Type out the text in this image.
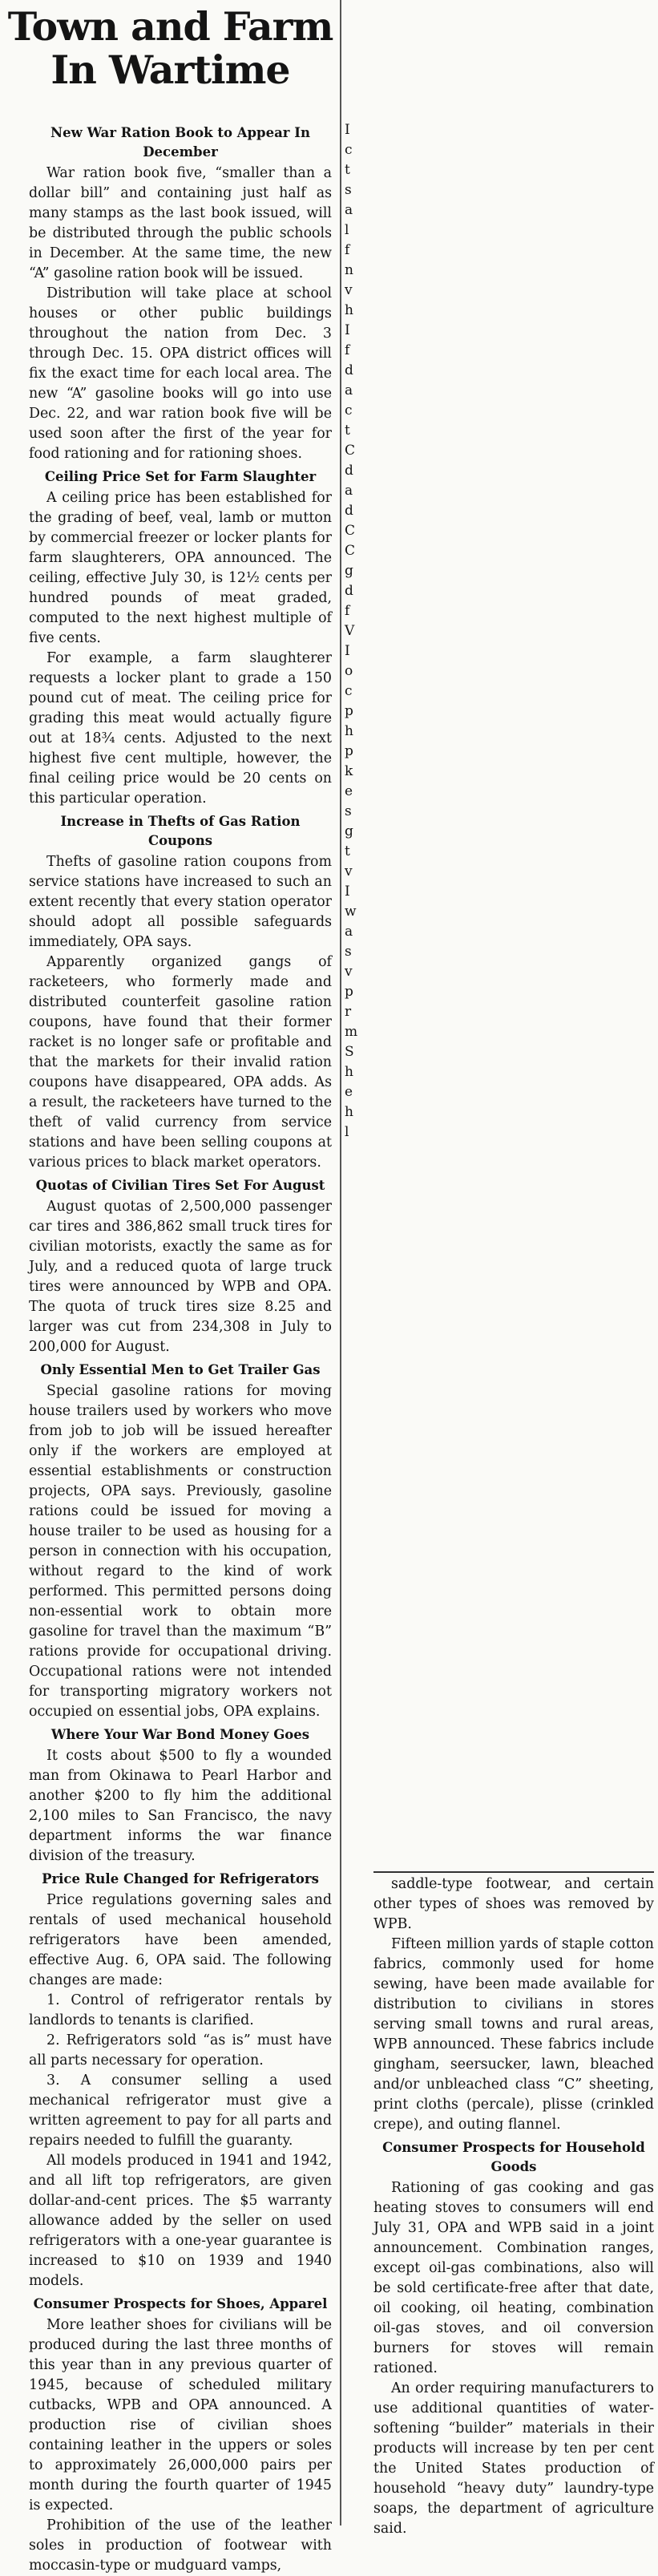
Town and Farm In Wartime
New War Ration Book to Appear In December

War ration book five, “smaller than a dollar bill” and containing just half as many stamps as the last book issued, will be distributed through the public schools in December. At the same time, the new “A” gasoline ration book will be issued.

Distribution will take place at school houses or other public buildings throughout the nation from Dec. 3 through Dec. 15. OPA district offices will fix the exact time for each local area. The new “A” gasoline books will go into use Dec. 22, and war ration book five will be used soon after the first of the year for food rationing and for rationing shoes.

Ceiling Price Set for Farm Slaughter

A ceiling price has been established for the grading of beef, veal, lamb or mutton by commercial freezer or locker plants for farm slaughterers, OPA announced. The ceiling, effective July 30, is 12½ cents per hundred pounds of meat graded, computed to the next highest multiple of five cents.

For example, a farm slaughterer requests a locker plant to grade a 150 pound cut of meat. The ceiling price for grading this meat would actually figure out at 18¾ cents. Adjusted to the next highest five cent multiple, however, the final ceiling price would be 20 cents on this particular operation.

Increase in Thefts of Gas Ration Coupons

Thefts of gasoline ration coupons from service stations have increased to such an extent recently that every station operator should adopt all possible safeguards immediately, OPA says.

Apparently organized gangs of racketeers, who formerly made and distributed counterfeit gasoline ration coupons, have found that their former racket is no longer safe or profitable and that the markets for their invalid ration coupons have disappeared, OPA adds. As a result, the racketeers have turned to the theft of valid currency from service stations and have been selling coupons at various prices to black market operators.

Quotas of Civilian Tires Set For August

August quotas of 2,500,000 passenger car tires and 386,862 small truck tires for civilian motorists, exactly the same as for July, and a reduced quota of large truck tires were announced by WPB and OPA. The quota of truck tires size 8.25 and larger was cut from 234,308 in July to 200,000 for August.

Only Essential Men to Get Trailer Gas

Special gasoline rations for moving house trailers used by workers who move from job to job will be issued hereafter only if the workers are employed at essential establishments or construction projects, OPA says. Previously, gasoline rations could be issued for moving a house trailer to be used as housing for a person in connection with his occupation, without regard to the kind of work performed. This permitted persons doing non-essential work to obtain more gasoline for travel than the maximum “B” rations provide for occupational driving. Occupational rations were not intended for transporting migratory workers not occupied on essential jobs, OPA explains.

Where Your War Bond Money Goes

It costs about $500 to fly a wounded man from Okinawa to Pearl Harbor and another $200 to fly him the additional 2,100 miles to San Francisco, the navy department informs the war finance division of the treasury.

Price Rule Changed for Refrigerators

Price regulations governing sales and rentals of used mechanical household refrigerators have been amended, effective Aug. 6, OPA said. The following changes are made:

1. Control of refrigerator rentals by landlords to tenants is clarified.
2. Refrigerators sold “as is” must have all parts necessary for operation.
3. A consumer selling a used mechanical refrigerator must give a written agreement to pay for all parts and repairs needed to fulfill the guaranty.

All models produced in 1941 and 1942, and all lift top refrigerators, are given dollar-and-cent prices. The $5 warranty allowance added by the seller on used refrigerators with a one-year guarantee is increased to $10 on 1939 and 1940 models.

Consumer Prospects for Shoes, Apparel

More leather shoes for civilians will be produced during the last three months of this year than in any previous quarter of 1945, because of scheduled military cutbacks, WPB and OPA announced. A production rise of civilian shoes containing leather in the uppers or soles to approximately 26,000,000 pairs per month during the fourth quarter of 1945 is expected.

Prohibition of the use of the leather soles in production of footwear with moccasin-type or mudguard vamps,

I
c
t
s
a
l
f
n
v
h
I
f
d
a
c
t
C
d
a
d
C
C
g
d
f
V
I
o
c
p
h
p
k
e
s
g
t
v
I
w
a
s
v
p
r
m
S
h
e
h
l

saddle-type footwear, and certain other types of shoes was removed by WPB.

Fifteen million yards of staple cotton fabrics, commonly used for home sewing, have been made available for distribution to civilians in stores serving small towns and rural areas, WPB announced. These fabrics include gingham, seersucker, lawn, bleached and/or unbleached class “C” sheeting, print cloths (percale), plisse (crinkled crepe), and outing flannel.

Consumer Prospects for Household Goods

Rationing of gas cooking and gas heating stoves to consumers will end July 31, OPA and WPB said in a joint announcement. Combination ranges, except oil-gas combinations, also will be sold certificate-free after that date, oil cooking, oil heating, combination oil-gas stoves, and oil conversion burners for stoves will remain rationed.

An order requiring manufacturers to use additional quantities of water-softening “builder” materials in their products will increase by ten per cent the United States production of household “heavy duty” laundry-type soaps, the department of agriculture said.
